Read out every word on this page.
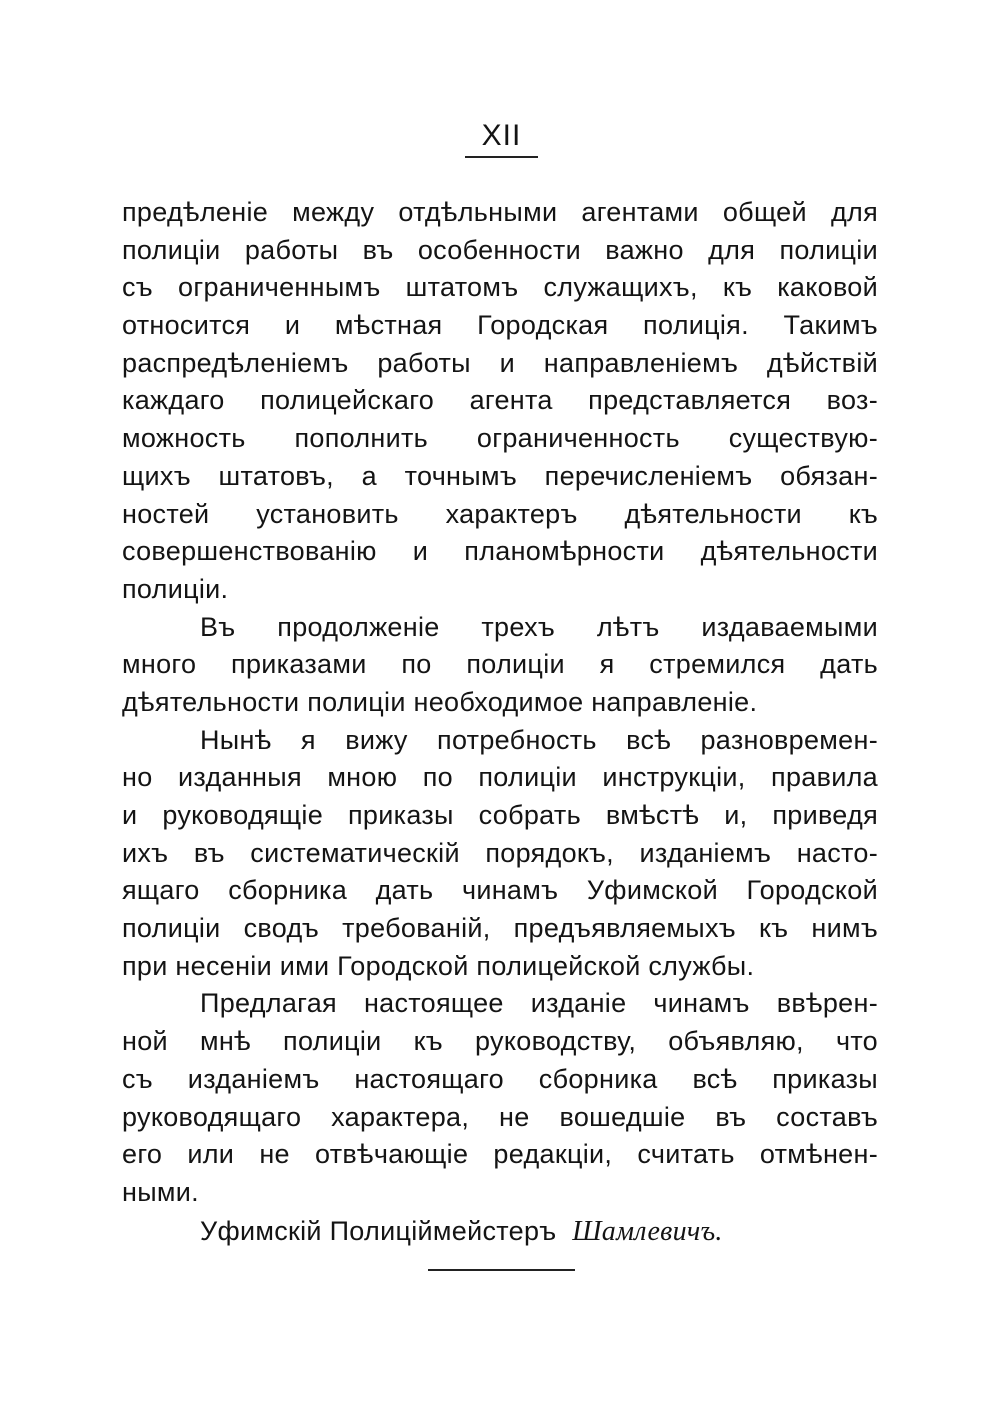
XII
предѣленіе между отдѣльными агентами общей для
полиціи работы въ особенности важно для полиціи
съ ограниченнымъ штатомъ служащихъ, къ каковой
относится и мѣстная Городская полиція. Такимъ
распредѣленіемъ работы и направленіемъ дѣйствій
каждаго полицейскаго агента представляется воз-
можность пополнить ограниченность существую-
щихъ штатовъ, а точнымъ перечисленіемъ обязан-
ностей установить характеръ дѣятельности къ
совершенствованію и планомѣрности дѣятельности
полиціи.
Въ продолженіе трехъ лѣтъ издаваемыми
много приказами по полиціи я стремился дать
дѣятельности полиціи необходимое направленіе.
Нынѣ я вижу потребность всѣ разновремен-
но изданныя мною по полиціи инструкціи, правила
и руководящіе приказы собрать вмѣстѣ и, приведя
ихъ въ систематическій порядокъ, изданіемъ насто-
ящаго сборника дать чинамъ Уфимской Городской
полиціи сводъ требованій, предъявляемыхъ къ нимъ
при несеніи ими Городской полицейской службы.
Предлагая настоящее изданіе чинамъ ввѣрен-
ной мнѣ полиціи къ руководству, объявляю, что
съ изданіемъ настоящаго сборника всѣ приказы
руководящаго характера, не вошедшіе въ составъ
его или не отвѣчающіе редакціи, считать отмѣнен-
ными.
Уфимскій Полиціймейстеръ Шамлевичъ.
